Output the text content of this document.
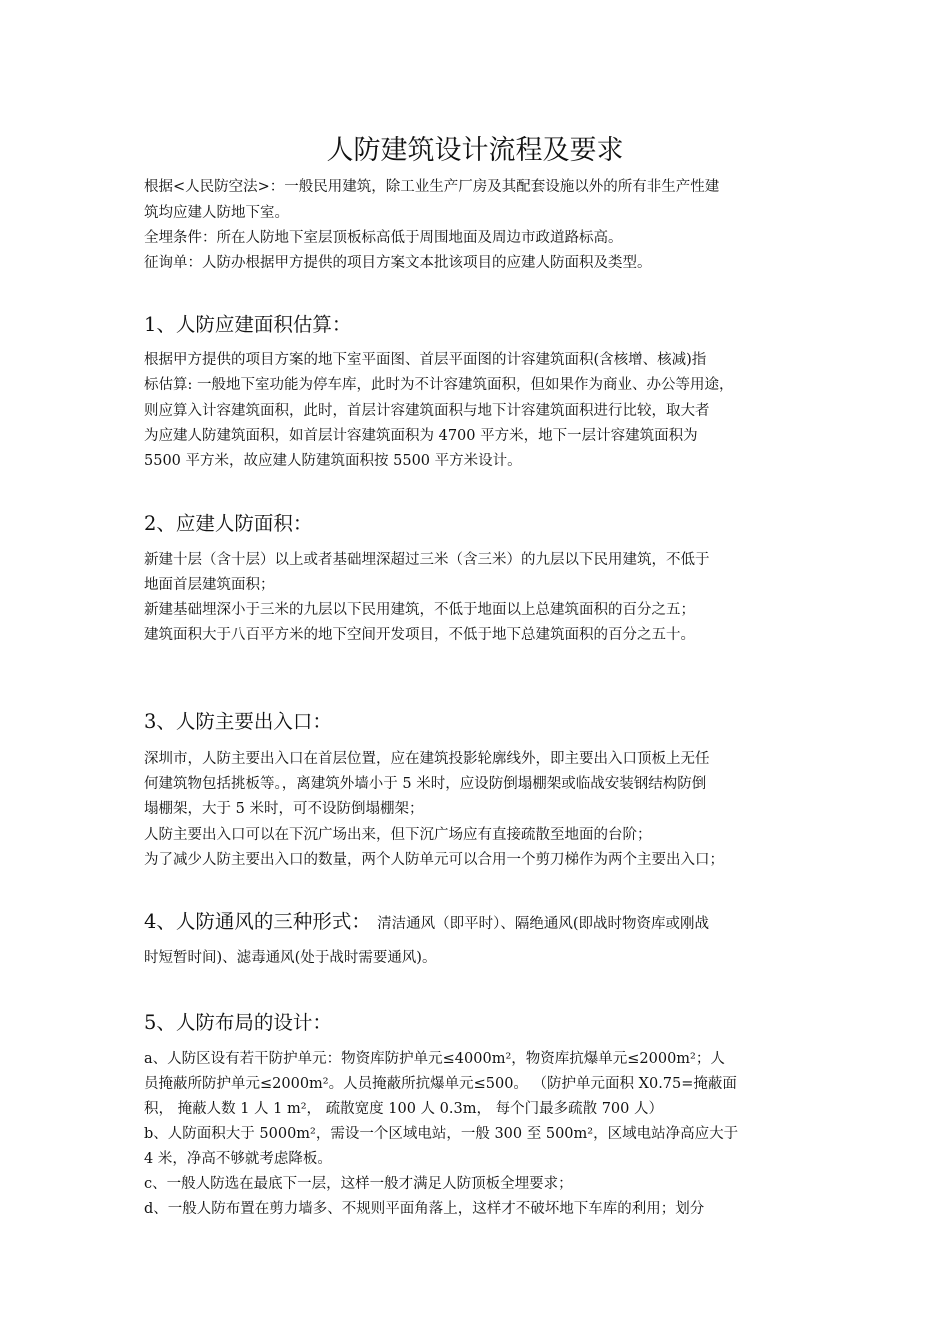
人防建筑设计流程及要求
根据<人民防空法>：一般民用建筑，除工业生产厂房及其配套设施以外的所有非生产性建
筑均应建人防地下室。
全埋条件：所在人防地下室层顶板标高低于周围地面及周边市政道路标高。
征询单：人防办根据甲方提供的项目方案文本批该项目的应建人防面积及类型。
1、人防应建面积估算：
根据甲方提供的项目方案的地下室平面图、首层平面图的计容建筑面积(含核增、核减)指
标估算: 一般地下室功能为停车库，此时为不计容建筑面积，但如果作为商业、办公等用途，
则应算入计容建筑面积，此时，首层计容建筑面积与地下计容建筑面积进行比较，取大者
为应建人防建筑面积，如首层计容建筑面积为 4700 平方米，地下一层计容建筑面积为
5500 平方米，故应建人防建筑面积按 5500 平方米设计。
2、应建人防面积：
新建十层（含十层）以上或者基础埋深超过三米（含三米）的九层以下民用建筑，不低于
地面首层建筑面积；
新建基础埋深小于三米的九层以下民用建筑，不低于地面以上总建筑面积的百分之五；
建筑面积大于八百平方米的地下空间开发项目，不低于地下总建筑面积的百分之五十。
3、人防主要出入口：
深圳市，人防主要出入口在首层位置，应在建筑投影轮廓线外，即主要出入口顶板上无任
何建筑物包括挑板等。，离建筑外墙小于 5 米时，应设防倒塌棚架或临战安装钢结构防倒
塌棚架，大于 5 米时，可不设防倒塌棚架；
人防主要出入口可以在下沉广场出来，但下沉广场应有直接疏散至地面的台阶；
为了减少人防主要出入口的数量，两个人防单元可以合用一个剪刀梯作为两个主要出入口；
4、人防通风的三种形式： 清洁通风（即平时）、隔绝通风(即战时物资库或刚战
时短暂时间)、滤毒通风(处于战时需要通风)。
5、人防布局的设计：
a、人防区设有若干防护单元：物资库防护单元≤4000m²，物资库抗爆单元≤2000m²；人
员掩蔽所防护单元≤2000m²。人员掩蔽所抗爆单元≤500。 （防护单元面积 X0.75=掩蔽面
积， 掩蔽人数 1 人 1 m²， 疏散宽度 100 人 0.3m， 每个门最多疏散 700 人）
b、人防面积大于 5000m²，需设一个区域电站，一般 300 至 500m²，区域电站净高应大于
4 米，净高不够就考虑降板。
c、一般人防选在最底下一层，这样一般才满足人防顶板全埋要求；
d、一般人防布置在剪力墙多、不规则平面角落上，这样才不破坏地下车库的利用；划分
